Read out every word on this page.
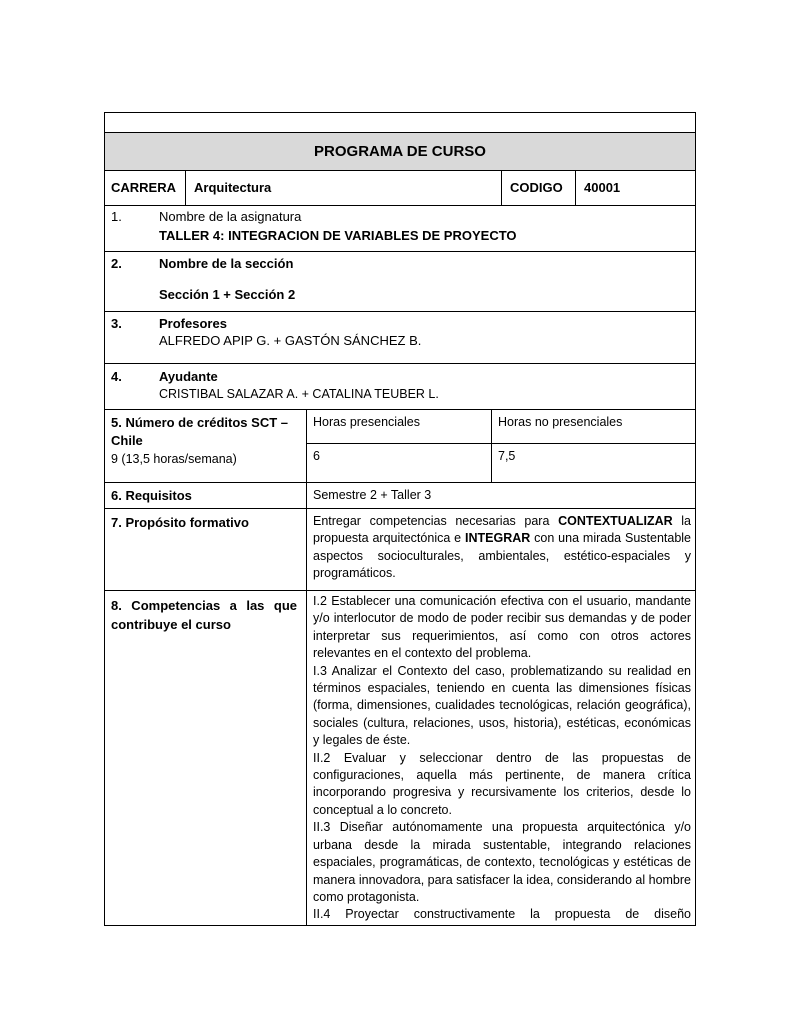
PROGRAMA DE CURSO
CARRERA Arquitectura	CODIGO 40001
1.	Nombre de la asignatura
TALLER 4: INTEGRACION DE VARIABLES DE PROYECTO
2.	Nombre de la sección
Sección 1 + Sección 2
3.	Profesores
ALFREDO APIP G. + GASTÓN SÁNCHEZ B.
4.	Ayudante
CRISTIBAL SALAZAR A. + CATALINA TEUBER L.
5. Número de créditos SCT –
Chile
9 (13,5 horas/semana)
Horas presenciales	Horas no presenciales
6	7,5
6. Requisitos	Semestre 2 + Taller 3
7. Propósito formativo	Entregar competencias necesarias para CONTEXTUALIZAR la propuesta arquitectónica e INTEGRAR con una mirada Sustentable aspectos socioculturales, ambientales, estético-espaciales y programáticos.
8. Competencias a las que contribuye el curso
I.2 Establecer una comunicación efectiva con el usuario, mandante y/o interlocutor de modo de poder recibir sus demandas y de poder interpretar sus requerimientos, así como con otros actores relevantes en el contexto del problema.
I.3 Analizar el Contexto del caso, problematizando su realidad en términos espaciales, teniendo en cuenta las dimensiones físicas (forma, dimensiones, cualidades tecnológicas, relación geográfica), sociales (cultura, relaciones, usos, historia), estéticas, económicas y legales de éste.
II.2 Evaluar y seleccionar dentro de las propuestas de configuraciones, aquella más pertinente, de manera crítica incorporando progresiva y recursivamente los criterios, desde lo conceptual a lo concreto.
II.3 Diseñar autónomamente una propuesta arquitectónica y/o urbana desde la mirada sustentable, integrando relaciones espaciales, programáticas, de contexto, tecnológicas y estéticas de manera innovadora, para satisfacer la idea, considerando al hombre como protagonista.
II.4 Proyectar constructivamente la propuesta de diseño
